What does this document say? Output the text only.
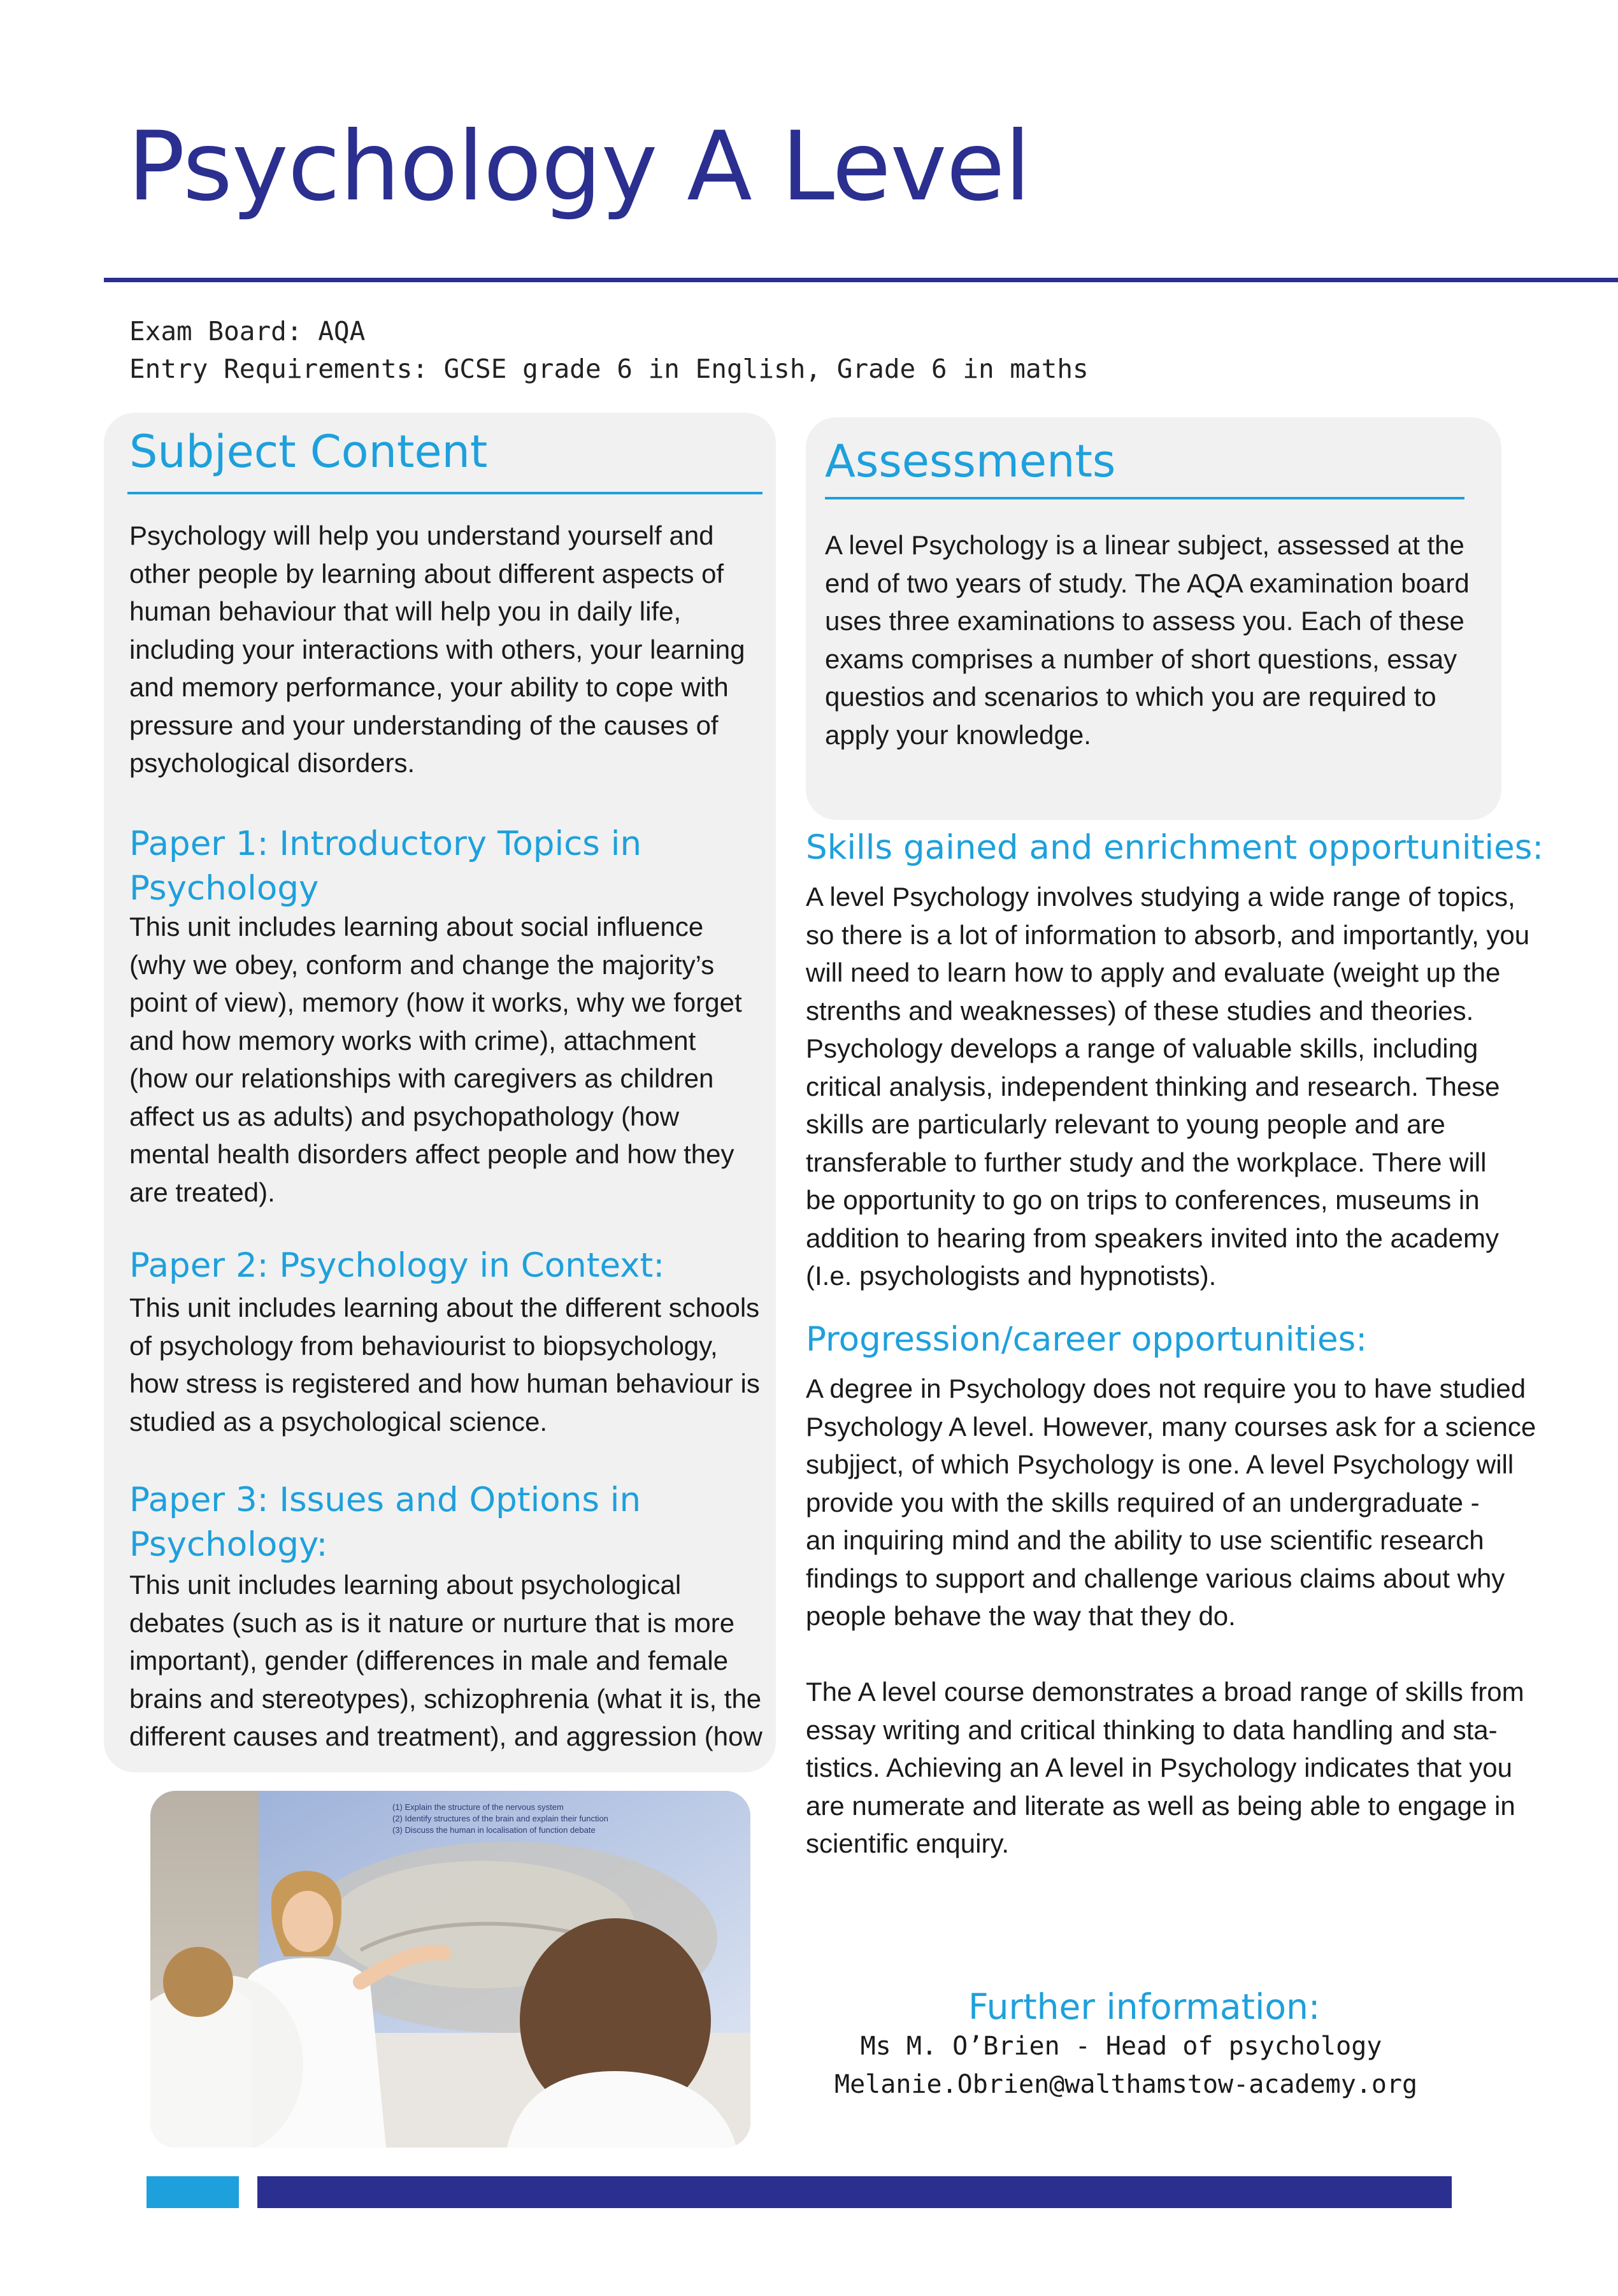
Psychology A Level
Exam Board: AQA
Entry Requirements: GCSE grade 6 in English, Grade 6 in maths
Subject Content
Psychology will help you understand yourself and
other people by learning about different aspects of
human behaviour that will help you in daily life,
including your interactions with others, your learning
and memory performance, your ability to cope with
pressure and your understanding of the causes of
psychological disorders.
Paper 1: Introductory Topics in
Psychology
This unit includes learning about social influence
(why we obey, conform and change the majority’s
point of view), memory (how it works, why we forget
and how memory works with crime), attachment
(how our relationships with caregivers as children
affect us as adults) and psychopathology (how
mental health disorders affect people and how they
are treated).
Paper 2: Psychology in Context:
This unit includes learning about the different schools
of psychology from behaviourist to biopsychology,
how stress is registered and how human behaviour is
studied as a psychological science.
Paper 3: Issues and Options in
Psychology:
This unit includes learning about psychological
debates (such as is it nature or nurture that is more
important), gender (differences in male and female
brains and stereotypes), schizophrenia (what it is, the
different causes and treatment), and aggression (how
Assessments
A level Psychology is a linear subject, assessed at the
end of two years of study. The AQA examination board
uses three examinations to assess you. Each of these
exams comprises a number of short questions, essay
questios and scenarios to which you are required to
apply your knowledge.
Skills gained and enrichment opportunities:
A level Psychology involves studying a wide range of topics,
so there is a lot of information to absorb, and importantly, you
will need to learn how to apply and evaluate (weight up the
strenths and weaknesses) of these studies and theories.
Psychology develops a range of valuable skills, including
critical analysis, independent thinking and research. These
skills are particularly relevant to young people and are
transferable to further study and the workplace. There will
be opportunity to go on trips to conferences, museums in
addition to hearing from speakers invited into the academy
(I.e. psychologists and hypnotists).
Progression/career opportunities:
A degree in Psychology does not require you to have studied
Psychology A level. However, many courses ask for a science
subjject, of which Psychology is one. A level Psychology will
provide you with the skills required of an undergraduate -
an inquiring mind and the ability to use scientific research
findings to support and challenge various claims about why
people behave the way that they do.
The A level course demonstrates a broad range of skills from
essay writing and critical thinking to data handling and sta-
tistics. Achieving an A level in Psychology indicates that you
are numerate and literate as well as being able to engage in
scientific enquiry.
(1) Explain the structure of the nervous system
(2) Identify structures of the brain and explain their function
(3) Discuss the human in localisation of function debate
Further information:
Ms M. O’Brien - Head of psychology
Melanie.Obrien@walthamstow-academy.org
